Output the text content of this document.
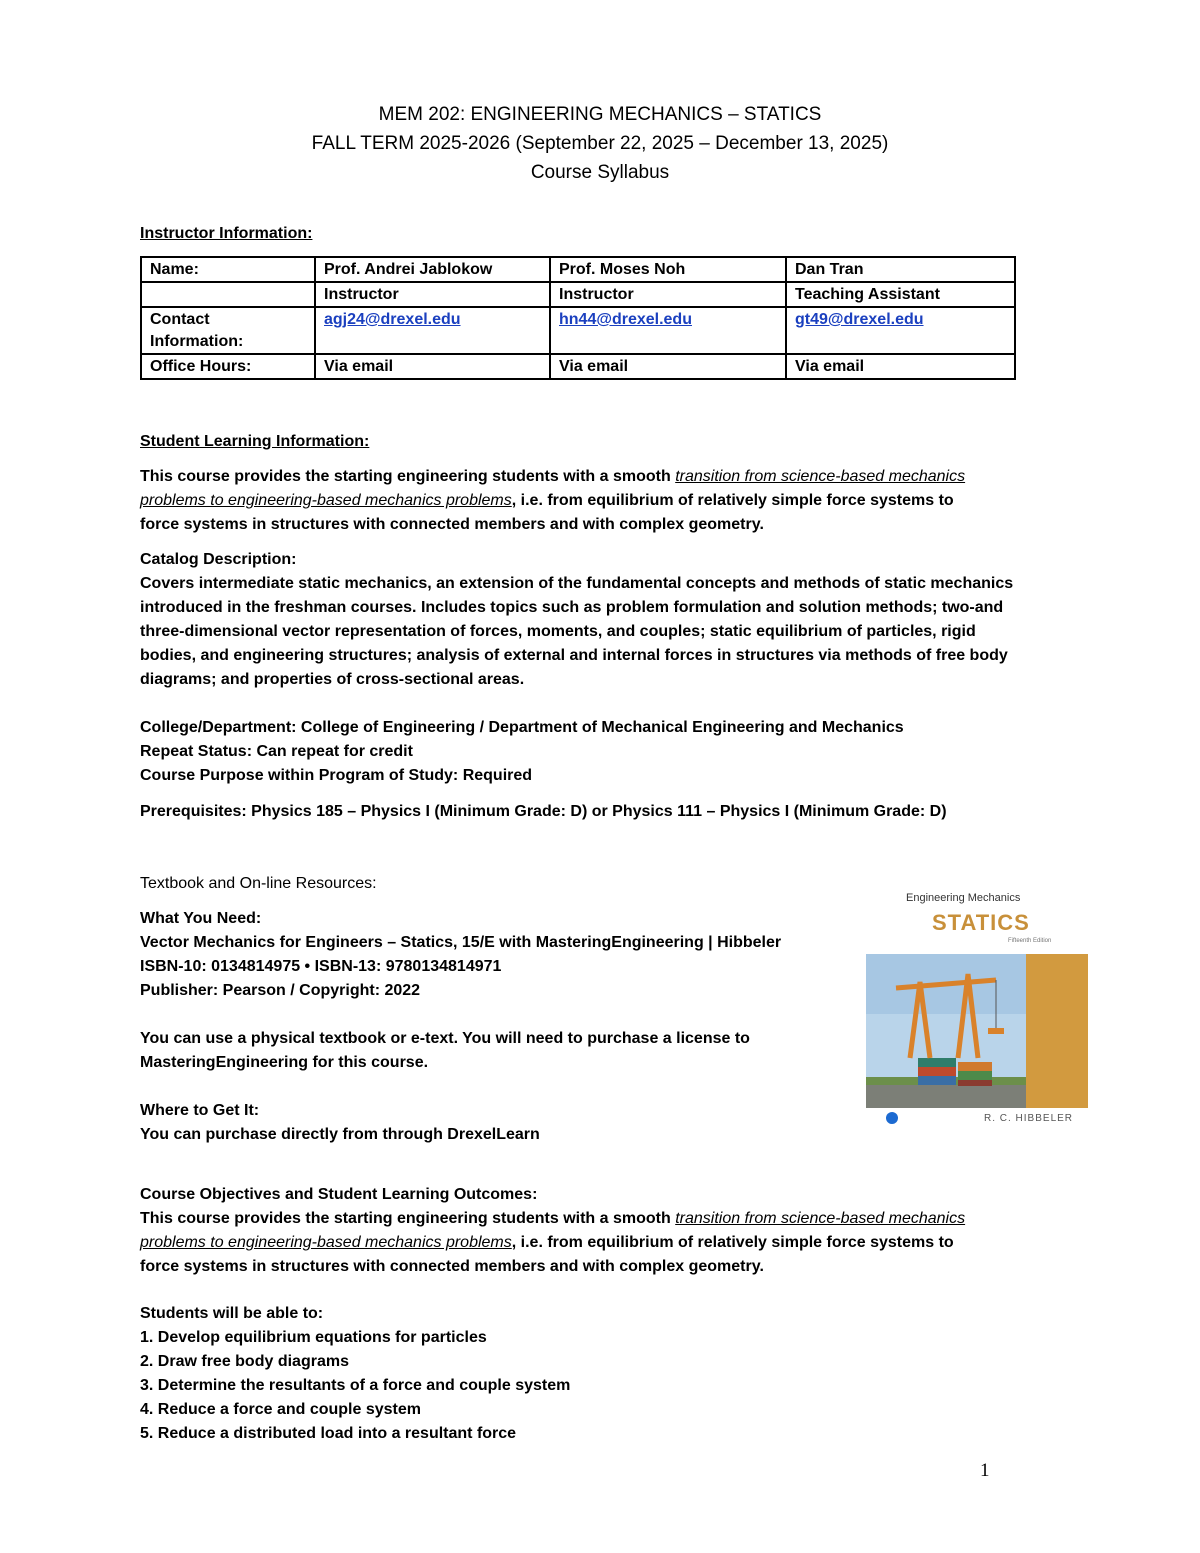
MEM 202: ENGINEERING MECHANICS – STATICS
FALL TERM 2025-2026 (September 22, 2025 – December 13, 2025)
Course Syllabus
Instructor Information:
Name:	Prof. Andrei Jablokow	Prof. Moses Noh	Dan Tran
	Instructor	Instructor	Teaching Assistant
Contact Information:	agj24@drexel.edu	hn44@drexel.edu	gt49@drexel.edu
Office Hours:	Via email	Via email	Via email
Student Learning Information:
This course provides the starting engineering students with a smooth transition from science-based mechanics
problems to engineering-based mechanics problems, i.e. from equilibrium of relatively simple force systems to
force systems in structures with connected members and with complex geometry.
Catalog Description:
Covers intermediate static mechanics, an extension of the fundamental concepts and methods of static mechanics
introduced in the freshman courses. Includes topics such as problem formulation and solution methods; two-and
three-dimensional vector representation of forces, moments, and couples; static equilibrium of particles, rigid
bodies, and engineering structures; analysis of external and internal forces in structures via methods of free body
diagrams; and properties of cross-sectional areas.
College/Department: College of Engineering / Department of Mechanical Engineering and Mechanics
Repeat Status: Can repeat for credit
Course Purpose within Program of Study: Required
Prerequisites: Physics 185 – Physics I (Minimum Grade: D) or Physics 111 – Physics I (Minimum Grade: D)
Textbook and On-line Resources:
What You Need:
Vector Mechanics for Engineers – Statics, 15/E with MasteringEngineering | Hibbeler
ISBN-10: 0134814975 • ISBN-13: 9780134814971
Publisher: Pearson / Copyright: 2022
You can use a physical textbook or e-text. You will need to purchase a license to
MasteringEngineering for this course.
Where to Get It:
You can purchase directly from through DrexelLearn
Engineering Mechanics
STATICS
Fifteenth Edition
R. C. HIBBELER
Course Objectives and Student Learning Outcomes:
This course provides the starting engineering students with a smooth transition from science-based mechanics
problems to engineering-based mechanics problems, i.e. from equilibrium of relatively simple force systems to
force systems in structures with connected members and with complex geometry.
Students will be able to:
1. Develop equilibrium equations for particles
2. Draw free body diagrams
3. Determine the resultants of a force and couple system
4. Reduce a force and couple system
5. Reduce a distributed load into a resultant force
1
